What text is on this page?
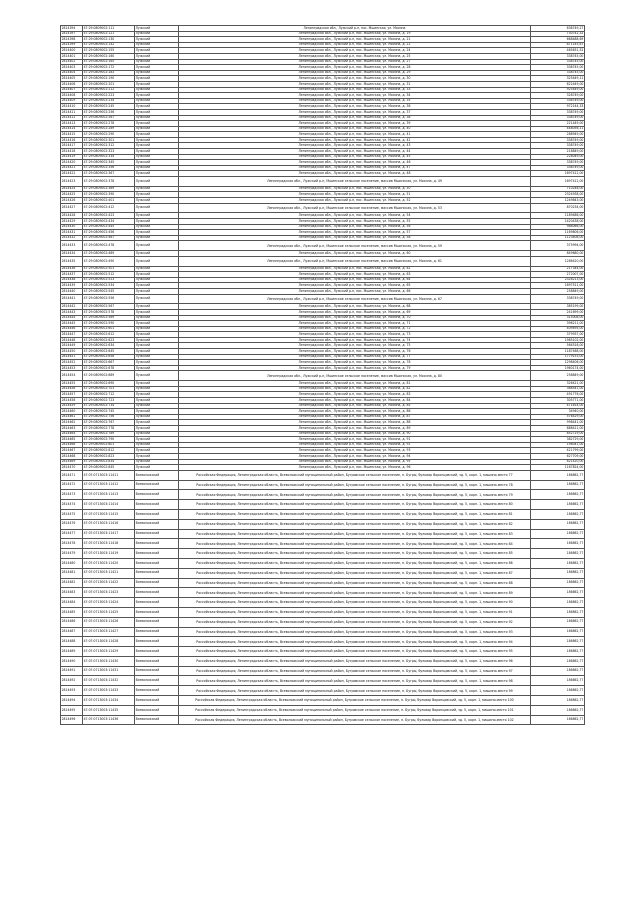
2814394	47:29:0809002:111	Лужский	Ленинградская обл., Лужский р-н, пос. Мшинская, ул. Мосина	638749,27
2814397	47:29:0809002:121	Лужский	Ленинградская обл., Лужский р-н, пос. Мшинская, ул. Мосина, д. 19	730742,32
2814398	47:29:0809002:130	Лужский	Ленинградская обл., Лужский р-н, пос. Мшинская, ул. Мосина, д. 21	668488,69
2814399	47:29:0809002:142	Лужский	Ленинградская обл., Лужский р-н, пос. Мшинская, ул. Мосина, д. 22	871145,87
2814400	47:29:0809002:155	Лужский	Ленинградская обл., Лужский р-н, пос. Мшинская, ул. Мосина, д. 24	465631,52
2814401	47:29:0809002:160	Лужский	Ленинградская обл., Лужский р-н, пос. Мшинская, ул. Мосина, д. 25	338745,00
2814402	47:29:0809002:165	Лужский	Ленинградская обл., Лужский р-н, пос. Мшинская, ул. Мосина, д. 27	338745,00
2814403	47:29:0809002:172	Лужский	Ленинградская обл., Лужский р-н, пос. Мшинская, ул. Мосина, д. 28	338745,00
2814404	47:29:0809002:183	Лужский	Ленинградская обл., Лужский р-н, пос. Мшинская, ул. Мосина, д. 29	338745,00
2814405	47:29:0809002:190	Лужский	Ленинградская обл., Лужский р-н, пос. Мшинская, ул. Мосина, д. 30	325449,11
2814406	47:29:0809002:201	Лужский	Ленинградская обл., Лужский р-н, пос. Мшинская, ул. Мосина, д. 31	622449,00
2814407	47:29:0809002:212	Лужский	Ленинградская обл., Лужский р-н, пос. Мшинская, ул. Мосина, д. 33	925449,00
2814408	47:29:0809002:223	Лужский	Ленинградская обл., Лужский р-н, пос. Мшинская, ул. Мосина, д. 34	328749,00
2814409	47:29:0809002:234	Лужский	Ленинградская обл., Лужский р-н, пос. Мшинская, ул. Мосина, д. 35	338749,00
2814410	47:29:0809002:245	Лужский	Ленинградская обл., Лужский р-н, пос. Мшинская, ул. Мосина, д. 36	972144,33
2814411	47:29:0809002:256	Лужский	Ленинградская обл., Лужский р-н, пос. Мшинская, ул. Мосина, д. 37	338749,00
2814412	47:29:0809002:267	Лужский	Ленинградская обл., Лужский р-н, пос. Мшинская, ул. Мосина, д. 38	338749,00
2814413	47:29:0809002:278	Лужский	Ленинградская обл., Лужский р-н, пос. Мшинская, ул. Мосина, д. 39	221449,00
2814414	47:29:0809002:289	Лужский	Ленинградская обл., Лужский р-н, пос. Мшинская, ул. Мосина, д. 40	448056,11
2814415	47:29:0809002:290	Лужский	Ленинградская обл., Лужский р-н, пос. Мшинская, ул. Мосина, д. 41	288949,00
2814416	47:29:0809002:301	Лужский	Ленинградская обл., Лужский р-н, пос. Мшинская, ул. Мосина, д. 42	338749,00
2814417	47:29:0809002:312	Лужский	Ленинградская обл., Лужский р-н, пос. Мшинская, ул. Мосина, д. 43	338749,00
2814418	47:29:0809002:323	Лужский	Ленинградская обл., Лужский р-н, пос. Мшинская, ул. Мосина, д. 44	218849,00
2814419	47:29:0809002:334	Лужский	Ленинградская обл., Лужский р-н, пос. Мшинская, ул. Мосина, д. 45	228049,00
2814420	47:29:0809002:345	Лужский	Ленинградская обл., Лужский р-н, пос. Мшинская, ул. Мосина, д. 46	338749,00
2814421	47:29:0809002:356	Лужский	Ленинградская обл., Лужский р-н, пос. Мшинская, ул. Мосина, д. 47	338749,00
2814422	47:29:0809002:367	Лужский	Ленинградская обл., Лужский р-н, пос. Мшинская, ул. Мосина, д. 48	1697412,00
2814423	47:29:0809002:378	Лужский	Ленинградская обл., Лужский р-н, Мшинское сельское поселение, массив Мшинская, ул. Мосина, д. 49	1697412,00
2814424	47:29:0809002:389	Лужский	Ленинградская обл., Лужский р-н, пос. Мшинская, ул. Мосина, д. 50	710248,00
2814425	47:29:0809002:390	Лужский	Ленинградская обл., Лужский р-н, пос. Мшинская, ул. Мосина, д. 51	2324938,00
2814426	47:29:0809002:401	Лужский	Ленинградская обл., Лужский р-н, пос. Мшинская, ул. Мосина, д. 52	1249843,00
2814427	47:29:0809002:412	Лужский	Ленинградская обл., Лужский р-н, Мшинское сельское поселение, массив Мшинская, ул. Мосина, д. 53	870234,00
2814428	47:29:0809002:423	Лужский	Ленинградская обл., Лужский р-н, пос. Мшинская, ул. Мосина, д. 54	1189486,00
2814429	47:29:0809002:434	Лужский	Ленинградская обл., Лужский р-н, пос. Мшинская, ул. Мосина, д. 55	1420438,00
2814430	47:29:0809002:445	Лужский	Ленинградская обл., Лужский р-н, пос. Мшинская, ул. Мосина, д. 56	988066,00
2814431	47:29:0809002:456	Лужский	Ленинградская обл., Лужский р-н, пос. Мшинская, ул. Мосина, д. 57	1169806,00
2814432	47:29:0809002:467	Лужский	Ленинградская обл., Лужский р-н, пос. Мшинская, ул. Мосина, д. 58	1123408,00
2814433	47:29:0809002:478	Лужский	Ленинградская обл., Лужский р-н, Мшинское сельское поселение, массив Мшинская, ул. Мосина, д. 59	375994,00
2814434	47:29:0809002:489	Лужский	Ленинградская обл., Лужский р-н, пос. Мшинская, ул. Мосина, д. 60	849680,00
2814435	47:29:0809002:490	Лужский	Ленинградская обл., Лужский р-н, Мшинское сельское поселение, массив Мшинская, ул. Мосина, д. 61	1286420,00
2814436	47:29:0809002:501	Лужский	Ленинградская обл., Лужский р-н, пос. Мшинская, ул. Мосина, д. 62	217344,00
2814437	47:29:0809002:512	Лужский	Ленинградская обл., Лужский р-н, пос. Мшинская, ул. Мосина, д. 63	272007,00
2814438	47:29:0809002:523	Лужский	Ленинградская обл., Лужский р-н, пос. Мшинская, ул. Мосина, д. 64	2328213,00
2814439	47:29:0809002:534	Лужский	Ленинградская обл., Лужский р-н, пос. Мшинская, ул. Мосина, д. 65	1897511,00
2814440	47:29:0809002:545	Лужский	Ленинградская обл., Лужский р-н, пос. Мшинская, ул. Мосина, д. 66	258849,00
2814441	47:29:0809002:556	Лужский	Ленинградская обл., Лужский р-н, Мшинское сельское поселение, массив Мшинская, ул. Мосина, д. 67	338749,00
2814442	47:29:0809002:567	Лужский	Ленинградская обл., Лужский р-н, пос. Мшинская, ул. Мосина, д. 68	385199,00
2814443	47:29:0809002:578	Лужский	Ленинградская обл., Лужский р-н, пос. Мшинская, ул. Мосина, д. 69	241699,00
2814444	47:29:0809002:589	Лужский	Ленинградская обл., Лужский р-н, пос. Мшинская, ул. Мосина, д. 70	315008,00
2814445	47:29:0809002:590	Лужский	Ленинградская обл., Лужский р-н, пос. Мшинская, ул. Мосина, д. 71	396211,00
2814446	47:29:0809002:601	Лужский	Ленинградская обл., Лужский р-н, пос. Мшинская, ул. Мосина, д. 72	409495,00
2814447	47:29:0809002:612	Лужский	Ленинградская обл., Лужский р-н, пос. Мшинская, ул. Мосина, д. 73	379937,00
2814448	47:29:0809002:623	Лужский	Ленинградская обл., Лужский р-н, пос. Мшинская, ул. Мосина, д. 74	1985102,00
2814449	47:29:0809002:634	Лужский	Ленинградская обл., Лужский р-н, пос. Мшинская, ул. Мосина, д. 75	564516,00
2814450	47:29:0809002:645	Лужский	Ленинградская обл., Лужский р-н, пос. Мшинская, ул. Мосина, д. 76	1187468,00
2814451	47:29:0809002:656	Лужский	Ленинградская обл., Лужский р-н, пос. Мшинская, ул. Мосина, д. 77	1779153,00
2814452	47:29:0809002:667	Лужский	Ленинградская обл., Лужский р-н, пос. Мшинская, ул. Мосина, д. 78	1298406,00
2814453	47:29:0809002:678	Лужский	Ленинградская обл., Лужский р-н, пос. Мшинская, ул. Мосина, д. 79	1960174,00
2814454	47:29:0809002:689	Лужский	Ленинградская обл., Лужский р-н, Мшинское сельское поселение, массив Мшинская, ул. Мосина, д. 80	258849,00
2814455	47:29:0809002:690	Лужский	Ленинградская обл., Лужский р-н, пос. Мшинская, ул. Мосина, д. 81	326421,00
2814456	47:29:0809002:701	Лужский	Ленинградская обл., Лужский р-н, пос. Мшинская, ул. Мосина, д. 82	368541,00
2814457	47:29:0809002:712	Лужский	Ленинградская обл., Лужский р-н, пос. Мшинская, ул. Мосина, д. 83	491776,00
2814458	47:29:0809002:723	Лужский	Ленинградская обл., Лужский р-н, пос. Мшинская, ул. Мосина, д. 84	305771,00
2814459	47:29:0809002:734	Лужский	Ленинградская обл., Лужский р-н, пос. Мшинская, ул. Мосина, д. 85	471614,00
2814460	47:29:0809002:745	Лужский	Ленинградская обл., Лужский р-н, пос. Мшинская, ул. Мосина, д. 86	34940,00
2814461	47:29:0809002:756	Лужский	Ленинградская обл., Лужский р-н, пос. Мшинская, ул. Мосина, д. 87	576429,00
2814462	47:29:0809002:767	Лужский	Ленинградская обл., Лужский р-н, пос. Мшинская, ул. Мосина, д. 88	998441,00
2814463	47:29:0809002:778	Лужский	Ленинградская обл., Лужский р-н, пос. Мшинская, ул. Мосина, д. 89	686411,00
2814464	47:29:0809002:789	Лужский	Ленинградская обл., Лужский р-н, пос. Мшинская, ул. Мосина, д. 90	652719,00
2814465	47:29:0809002:790	Лужский	Ленинградская обл., Лужский р-н, пос. Мшинская, ул. Мосина, д. 91	382729,00
2814466	47:29:0809002:801	Лужский	Ленинградская обл., Лужский р-н, пос. Мшинская, ул. Мосина, д. 92	198041,00
2814467	47:29:0809002:812	Лужский	Ленинградская обл., Лужский р-н, пос. Мшинская, ул. Мосина, д. 93	421799,00
2814468	47:29:0809002:823	Лужский	Ленинградская обл., Лужский р-н, пос. Мшинская, ул. Мосина, д. 94	627709,00
2814469	47:29:0809002:834	Лужский	Ленинградская обл., Лужский р-н, пос. Мшинская, ул. Мосина, д. 95	821420,00
2814470	47:29:0809002:845	Лужский	Ленинградская обл., Лужский р-н, пос. Мшинская, ул. Мосина, д. 96	1167824,00
2814471	47:07:0713003:11411	Всеволожский	Российская Федерация, Ленинградская область, Всеволожский муниципальный район, Бугровское сельское поселение, п. Бугры, бульвар Воронцовский, зд. 5, корп. 1, машино-место 77	186862,77
2814472	47:07:0713003:11412	Всеволожский	Российская Федерация, Ленинградская область, Всеволожский муниципальный район, Бугровское сельское поселение, п. Бугры, бульвар Воронцовский, зд. 5, корп. 1, машино-место 78	186862,77
2814473	47:07:0713003:11413	Всеволожский	Российская Федерация, Ленинградская область, Всеволожский муниципальный район, Бугровское сельское поселение, п. Бугры, бульвар Воронцовский, зд. 5, корп. 1, машино-место 79	186862,77
2814474	47:07:0713003:11414	Всеволожский	Российская Федерация, Ленинградская область, Всеволожский муниципальный район, Бугровское сельское поселение, п. Бугры, бульвар Воронцовский, зд. 5, корп. 1, машино-место 80	186862,77
2814475	47:07:0713003:11415	Всеволожский	Российская Федерация, Ленинградская область, Всеволожский муниципальный район, Бугровское сельское поселение, п. Бугры, бульвар Воронцовский, зд. 5, корп. 1, машино-место 81	186862,77
2814476	47:07:0713003:11416	Всеволожский	Российская Федерация, Ленинградская область, Всеволожский муниципальный район, Бугровское сельское поселение, п. Бугры, бульвар Воронцовский, зд. 5, корп. 1, машино-место 82	186862,77
2814477	47:07:0713003:11417	Всеволожский	Российская Федерация, Ленинградская область, Всеволожский муниципальный район, Бугровское сельское поселение, п. Бугры, бульвар Воронцовский, зд. 5, корп. 1, машино-место 83	186862,77
2814478	47:07:0713003:11418	Всеволожский	Российская Федерация, Ленинградская область, Всеволожский муниципальный район, Бугровское сельское поселение, п. Бугры, бульвар Воронцовский, зд. 5, корп. 1, машино-место 84	186862,77
2814479	47:07:0713003:11419	Всеволожский	Российская Федерация, Ленинградская область, Всеволожский муниципальный район, Бугровское сельское поселение, п. Бугры, бульвар Воронцовский, зд. 5, корп. 1, машино-место 85	186862,77
2814480	47:07:0713003:11420	Всеволожский	Российская Федерация, Ленинградская область, Всеволожский муниципальный район, Бугровское сельское поселение, п. Бугры, бульвар Воронцовский, зд. 5, корп. 1, машино-место 86	186862,77
2814481	47:07:0713003:11421	Всеволожский	Российская Федерация, Ленинградская область, Всеволожский муниципальный район, Бугровское сельское поселение, п. Бугры, бульвар Воронцовский, зд. 5, корп. 1, машино-место 87	186862,77
2814482	47:07:0713003:11422	Всеволожский	Российская Федерация, Ленинградская область, Всеволожский муниципальный район, Бугровское сельское поселение, п. Бугры, бульвар Воронцовский, зд. 5, корп. 1, машино-место 88	186862,77
2814483	47:07:0713003:11423	Всеволожский	Российская Федерация, Ленинградская область, Всеволожский муниципальный район, Бугровское сельское поселение, п. Бугры, бульвар Воронцовский, зд. 5, корп. 1, машино-место 89	186862,77
2814484	47:07:0713003:11424	Всеволожский	Российская Федерация, Ленинградская область, Всеволожский муниципальный район, Бугровское сельское поселение, п. Бугры, бульвар Воронцовский, зд. 5, корп. 1, машино-место 90	186862,77
2814485	47:07:0713003:11425	Всеволожский	Российская Федерация, Ленинградская область, Всеволожский муниципальный район, Бугровское сельское поселение, п. Бугры, бульвар Воронцовский, зд. 5, корп. 1, машино-место 91	186862,77
2814486	47:07:0713003:11426	Всеволожский	Российская Федерация, Ленинградская область, Всеволожский муниципальный район, Бугровское сельское поселение, п. Бугры, бульвар Воронцовский, зд. 5, корп. 1, машино-место 92	186862,77
2814487	47:07:0713003:11427	Всеволожский	Российская Федерация, Ленинградская область, Всеволожский муниципальный район, Бугровское сельское поселение, п. Бугры, бульвар Воронцовский, зд. 5, корп. 1, машино-место 93	186862,77
2814488	47:07:0713003:11428	Всеволожский	Российская Федерация, Ленинградская область, Всеволожский муниципальный район, Бугровское сельское поселение, п. Бугры, бульвар Воронцовский, зд. 5, корп. 1, машино-место 94	186862,77
2814489	47:07:0713003:11429	Всеволожский	Российская Федерация, Ленинградская область, Всеволожский муниципальный район, Бугровское сельское поселение, п. Бугры, бульвар Воронцовский, зд. 5, корп. 1, машино-место 95	186862,77
2814490	47:07:0713003:11430	Всеволожский	Российская Федерация, Ленинградская область, Всеволожский муниципальный район, Бугровское сельское поселение, п. Бугры, бульвар Воронцовский, зд. 5, корп. 1, машино-место 96	186862,77
2814491	47:07:0713003:11431	Всеволожский	Российская Федерация, Ленинградская область, Всеволожский муниципальный район, Бугровское сельское поселение, п. Бугры, бульвар Воронцовский, зд. 5, корп. 1, машино-место 97	186862,77
2814492	47:07:0713003:11432	Всеволожский	Российская Федерация, Ленинградская область, Всеволожский муниципальный район, Бугровское сельское поселение, п. Бугры, бульвар Воронцовский, зд. 5, корп. 1, машино-место 98	186862,77
2814493	47:07:0713003:11433	Всеволожский	Российская Федерация, Ленинградская область, Всеволожский муниципальный район, Бугровское сельское поселение, п. Бугры, бульвар Воронцовский, зд. 5, корп. 1, машино-место 99	186862,77
2814494	47:07:0713003:11434	Всеволожский	Российская Федерация, Ленинградская область, Всеволожский муниципальный район, Бугровское сельское поселение, п. Бугры, бульвар Воронцовский, зд. 5, корп. 1, машино-место 100	186862,77
2814495	47:07:0713003:11435	Всеволожский	Российская Федерация, Ленинградская область, Всеволожский муниципальный район, Бугровское сельское поселение, п. Бугры, бульвар Воронцовский, зд. 5, корп. 1, машино-место 101	186862,77
2814496	47:07:0713003:11436	Всеволожский	Российская Федерация, Ленинградская область, Всеволожский муниципальный район, Бугровское сельское поселение, п. Бугры, бульвар Воронцовский, зд. 5, корп. 1, машино-место 102	186862,77
